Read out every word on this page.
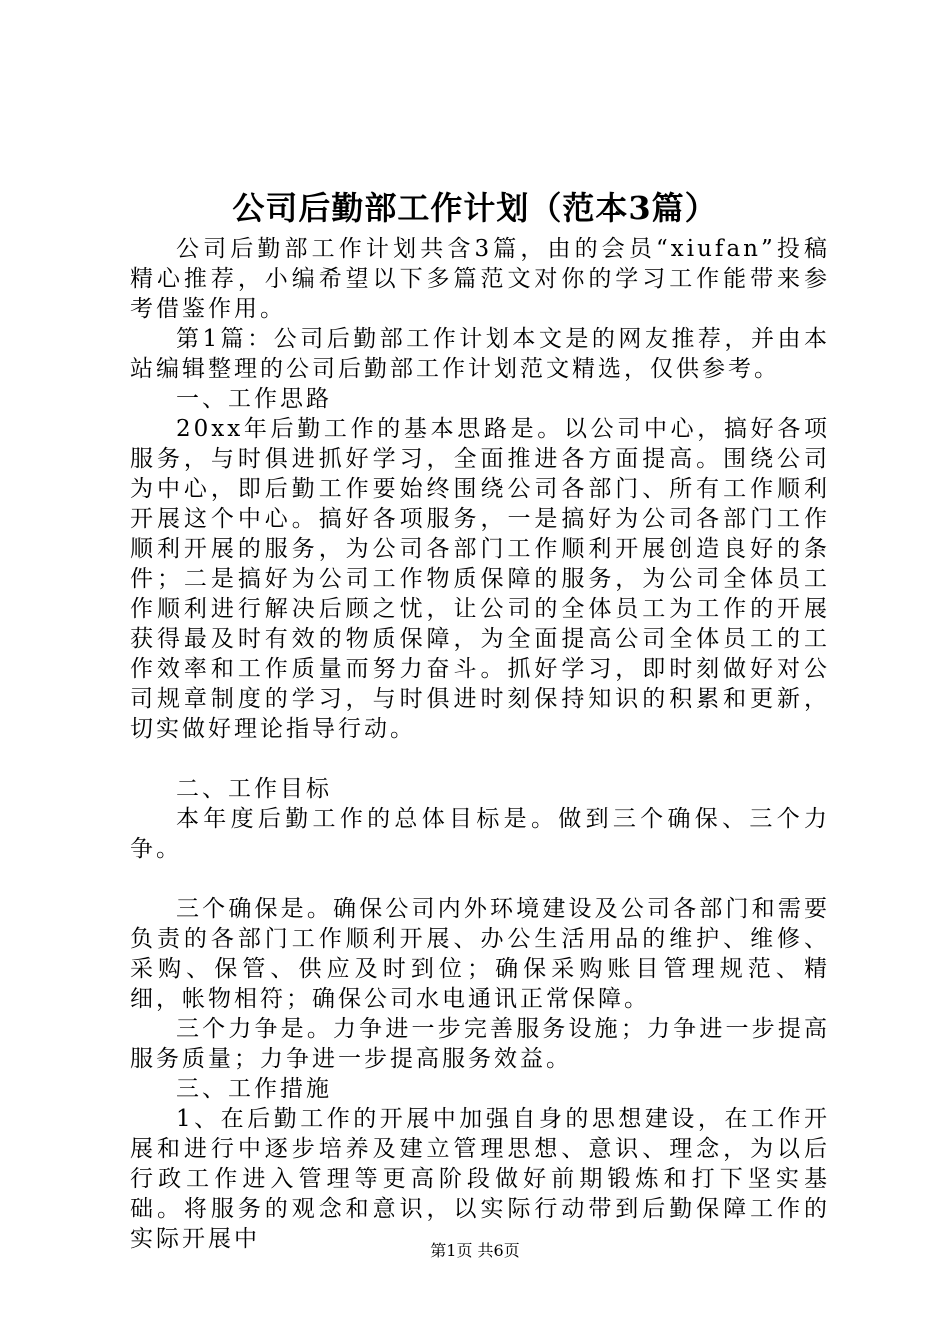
公司后勤部工作计划（范本3篇）

公司后勤部工作计划共含3篇，由的会员“xiufan”投稿精心推荐，小编希望以下多篇范文对你的学习工作能带来参考借鉴作用。

第1篇：公司后勤部工作计划本文是的网友推荐，并由本站编辑整理的公司后勤部工作计划范文精选，仅供参考。

一、工作思路

20xx年后勤工作的基本思路是。以公司中心，搞好各项服务，与时俱进抓好学习，全面推进各方面提高。围绕公司为中心，即后勤工作要始终围绕公司各部门、所有工作顺利开展这个中心。搞好各项服务，一是搞好为公司各部门工作顺利开展的服务，为公司各部门工作顺利开展创造良好的条件；二是搞好为公司工作物质保障的服务，为公司全体员工作顺利进行解决后顾之忧，让公司的全体员工为工作的开展获得最及时有效的物质保障，为全面提高公司全体员工的工作效率和工作质量而努力奋斗。抓好学习，即时刻做好对公司规章制度的学习，与时俱进时刻保持知识的积累和更新，切实做好理论指导行动。

二、工作目标

本年度后勤工作的总体目标是。做到三个确保、三个力争。

三个确保是。确保公司内外环境建设及公司各部门和需要负责的各部门工作顺利开展、办公生活用品的维护、维修、采购、保管、供应及时到位；确保采购账目管理规范、精细，帐物相符；确保公司水电通讯正常保障。

三个力争是。力争进一步完善服务设施；力争进一步提高服务质量；力争进一步提高服务效益。

三、工作措施

1、在后勤工作的开展中加强自身的思想建设，在工作开展和进行中逐步培养及建立管理思想、意识、理念，为以后行政工作进入管理等更高阶段做好前期锻炼和打下坚实基础。将服务的观念和意识，以实际行动带到后勤保障工作的实际开展中	第1页 共6页
